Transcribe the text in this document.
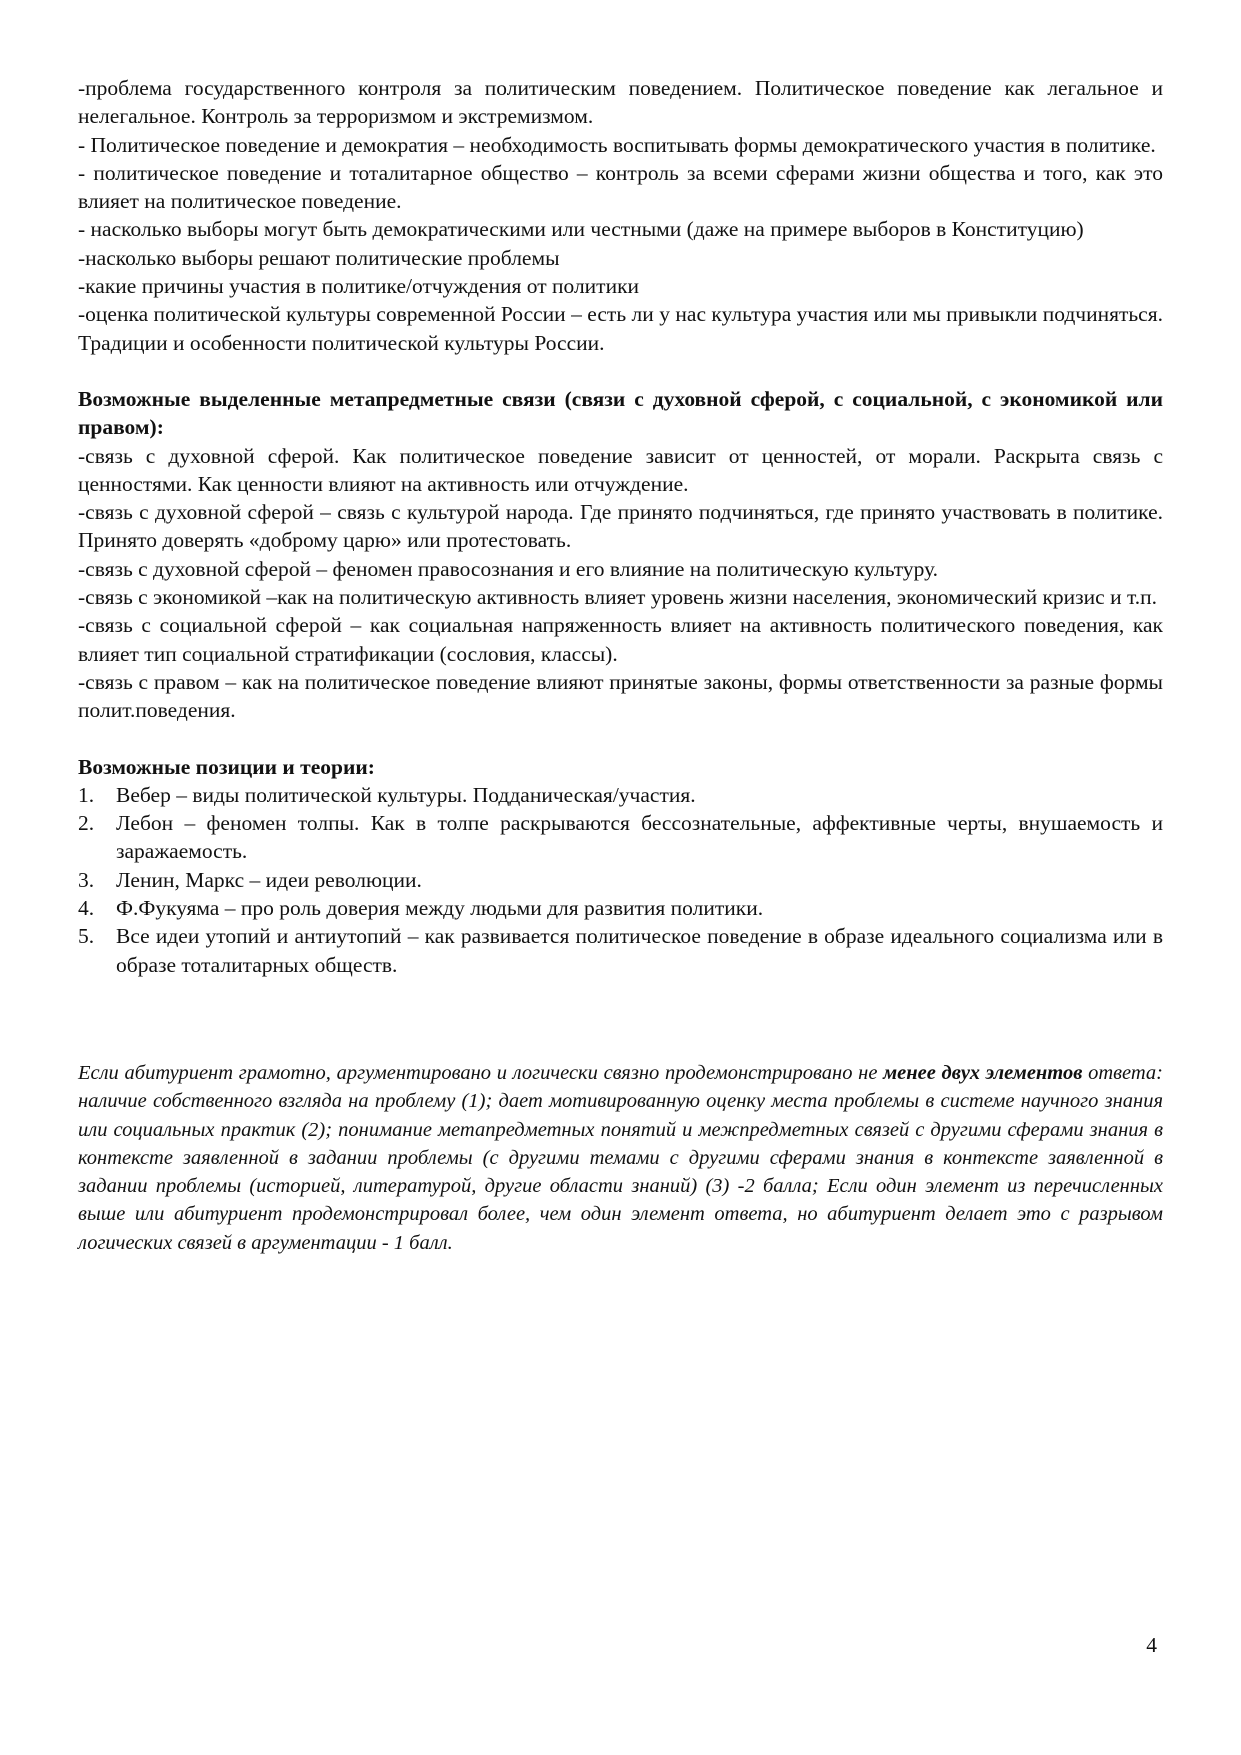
-проблема государственного контроля за политическим поведением. Политическое поведение как легальное и нелегальное. Контроль за терроризмом и экстремизмом.

- Политическое поведение и демократия – необходимость воспитывать формы демократического участия в политике.

- политическое поведение и тоталитарное общество – контроль за всеми сферами жизни общества и того, как это влияет на политическое поведение.

- насколько выборы могут быть демократическими или честными (даже на примере выборов в Конституцию)

-насколько выборы решают политические проблемы

-какие причины участия в политике/отчуждения от политики

-оценка политической культуры современной России – есть ли у нас культура участия или мы привыкли подчиняться. Традиции и особенности политической культуры России.

Возможные выделенные метапредметные связи (связи с духовной сферой, с социальной, с экономикой или правом):

-связь с духовной сферой. Как политическое поведение зависит от ценностей, от морали. Раскрыта связь с ценностями. Как ценности влияют на активность или отчуждение.

-связь с духовной сферой – связь с культурой народа. Где принято подчиняться, где принято участвовать в политике. Принято доверять «доброму царю» или протестовать.

-связь с духовной сферой – феномен правосознания и его влияние на политическую культуру.

-связь с экономикой –как на политическую активность влияет уровень жизни населения, экономический кризис и т.п.

-связь с социальной сферой – как социальная напряженность влияет на активность политического поведения, как влияет тип социальной стратификации (сословия, классы).

-связь с правом – как на политическое поведение влияют принятые законы, формы ответственности за разные формы полит.поведения.

Возможные позиции и теории:

1. Вебер – виды политической культуры. Подданическая/участия.
2. Лебон – феномен толпы. Как в толпе раскрываются бессознательные, аффективные черты, внушаемость и заражаемость.
3. Ленин, Маркс – идеи революции.
4. Ф.Фукуяма – про роль доверия между людьми для развития политики.
5. Все идеи утопий и антиутопий – как развивается политическое поведение в образе идеального социализма или в образе тоталитарных обществ.

Если абитуриент грамотно, аргументировано и логически связно продемонстрировано не менее двух элементов ответа: наличие собственного взгляда на проблему (1); дает мотивированную оценку места проблемы в системе научного знания или социальных практик (2); понимание метапредметных понятий и межпредметных связей с другими сферами знания в контексте заявленной в задании проблемы (с другими темами с другими сферами знания в контексте заявленной в задании проблемы (историей, литературой, другие области знаний) (3) -2 балла; Если один элемент из перечисленных выше или абитуриент продемонстрировал более, чем один элемент ответа, но абитуриент делает это с разрывом логических связей в аргументации - 1 балл.

4
